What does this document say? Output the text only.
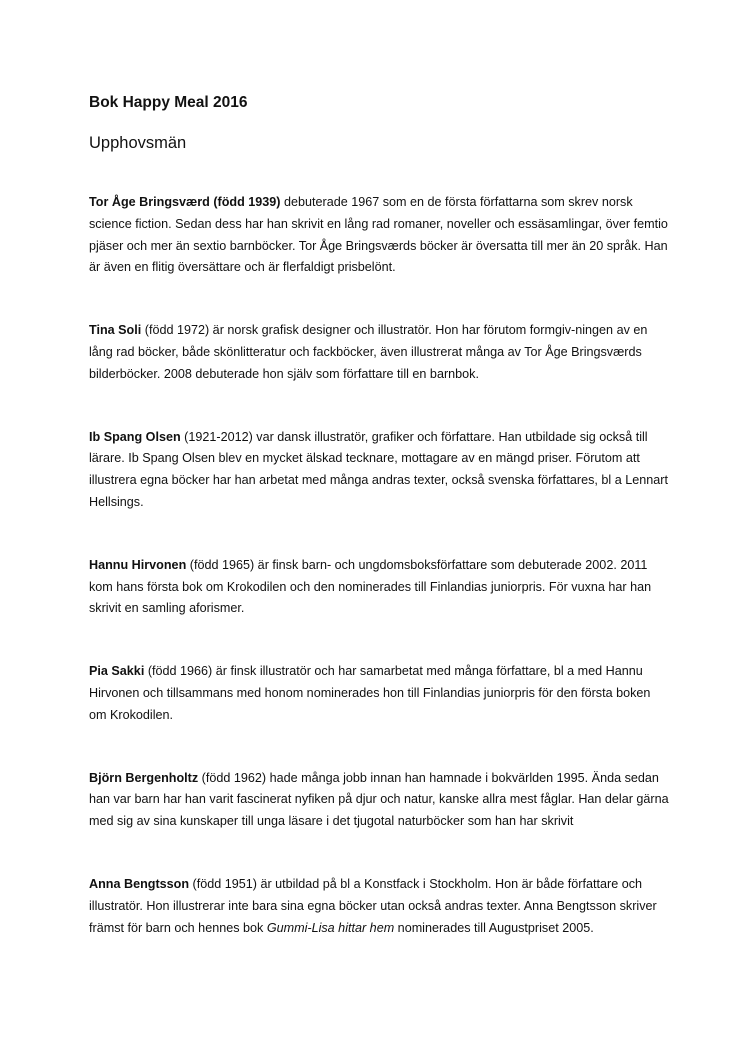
Bok Happy Meal 2016
Upphovsmän

Tor Åge Bringsværd (född 1939) debuterade 1967 som en de första författarna som skrev norsk science fiction. Sedan dess har han skrivit en lång rad romaner, noveller och essäsamlingar, över femtio pjäser och mer än sextio barnböcker. Tor Åge Bringsværds böcker är översatta till mer än 20 språk. Han är även en flitig översättare och är flerfaldigt prisbelönt.

Tina Soli (född 1972) är norsk grafisk designer och illustratör. Hon har förutom formgiv-ningen av en lång rad böcker, både skönlitteratur och fackböcker, även illustrerat många av Tor Åge Bringsværds bilderböcker. 2008 debuterade hon själv som författare till en barnbok.

Ib Spang Olsen (1921-2012) var dansk illustratör, grafiker och författare. Han utbildade sig också till lärare. Ib Spang Olsen blev en mycket älskad tecknare, mottagare av en mängd priser. Förutom att illustrera egna böcker har han arbetat med många andras texter, också svenska författares, bl a Lennart Hellsings.

Hannu Hirvonen (född 1965) är finsk barn- och ungdomsboksförfattare som debuterade 2002. 2011 kom hans första bok om Krokodilen och den nominerades till Finlandias juniorpris. För vuxna har han skrivit en samling aforismer.

Pia Sakki (född 1966) är finsk illustratör och har samarbetat med många författare, bl a med Hannu Hirvonen och tillsammans med honom nominerades hon till Finlandias juniorpris för den första boken om Krokodilen.

Björn Bergenholtz (född 1962) hade många jobb innan han hamnade i bokvärlden 1995. Ända sedan han var barn har han varit fascinerat nyfiken på djur och natur, kanske allra mest fåglar. Han delar gärna med sig av sina kunskaper till unga läsare i det tjugotal naturböcker som han har skrivit

Anna Bengtsson (född 1951) är utbildad på bl a Konstfack i Stockholm. Hon är både författare och illustratör. Hon illustrerar inte bara sina egna böcker utan också andras texter. Anna Bengtsson skriver främst för barn och hennes bok Gummi-Lisa hittar hem nominerades till Augustpriset 2005.
